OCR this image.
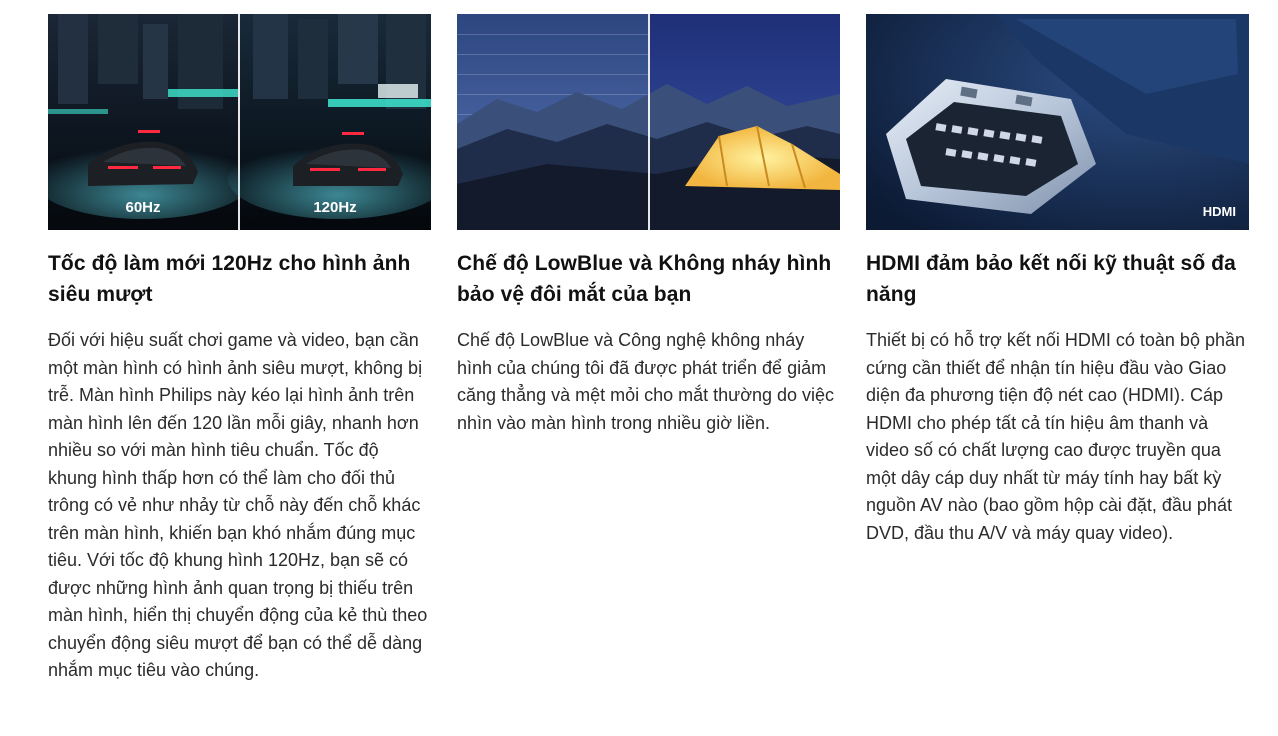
60Hz	120Hz
Tốc độ làm mới 120Hz cho hình ảnh siêu mượt

Đối với hiệu suất chơi game và video, bạn cần một màn hình có hình ảnh siêu mượt, không bị trễ. Màn hình Philips này kéo lại hình ảnh trên màn hình lên đến 120 lần mỗi giây, nhanh hơn nhiều so với màn hình tiêu chuẩn. Tốc độ khung hình thấp hơn có thể làm cho đối thủ trông có vẻ như nhảy từ chỗ này đến chỗ khác trên màn hình, khiến bạn khó nhắm đúng mục tiêu. Với tốc độ khung hình 120Hz, bạn sẽ có được những hình ảnh quan trọng bị thiếu trên màn hình, hiển thị chuyển động của kẻ thù theo chuyển động siêu mượt để bạn có thể dễ dàng nhắm mục tiêu vào chúng.

Chế độ LowBlue và Không nháy hình bảo vệ đôi mắt của bạn

Chế độ LowBlue và Công nghệ không nháy hình của chúng tôi đã được phát triển để giảm căng thẳng và mệt mỏi cho mắt thường do việc nhìn vào màn hình trong nhiều giờ liền.

HDMI
HDMI đảm bảo kết nối kỹ thuật số đa năng

Thiết bị có hỗ trợ kết nối HDMI có toàn bộ phần cứng cần thiết để nhận tín hiệu đầu vào Giao diện đa phương tiện độ nét cao (HDMI). Cáp HDMI cho phép tất cả tín hiệu âm thanh và video số có chất lượng cao được truyền qua một dây cáp duy nhất từ máy tính hay bất kỳ nguồn AV nào (bao gồm hộp cài đặt, đầu phát DVD, đầu thu A/V và máy quay video).
